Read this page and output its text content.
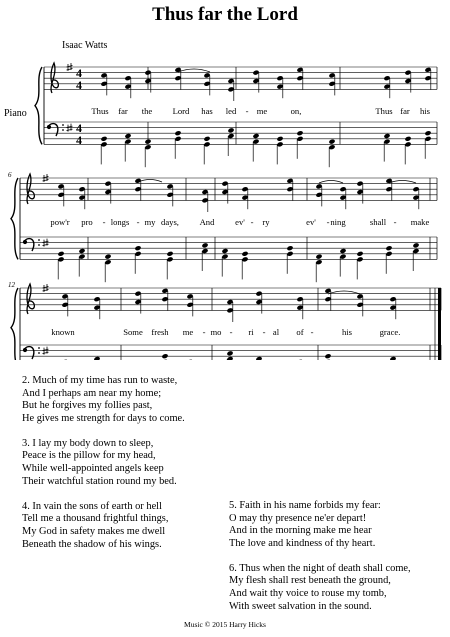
Thus far the Lord
Isaac Watts
Piano
4
4
4
4
6
12
Thus far the Lord has led - me	on,	Thus far his
pow'r pro - longs - my days, And ev' - ry	ev' - ning	shall - make
known	Some fresh me - mo - ri - al of -	his	grace.
2. Much of my time has run to waste,
And I perhaps am near my home;
But he forgives my follies past,
He gives me strength for days to come.
3. I lay my body down to sleep,
Peace is the pillow for my head,
While well-appointed angels keep
Their watchful station round my bed.
4. In vain the sons of earth or hell
Tell me a thousand frightful things,
My God in safety makes me dwell
Beneath the shadow of his wings.
5. Faith in his name forbids my fear:
O may thy presence ne'er depart!
And in the morning make me hear
The love and kindness of thy heart.
6. Thus when the night of death shall come,
My flesh shall rest beneath the ground,
And wait thy voice to rouse my tomb,
With sweet salvation in the sound.
Music © 2015 Harry Hicks
